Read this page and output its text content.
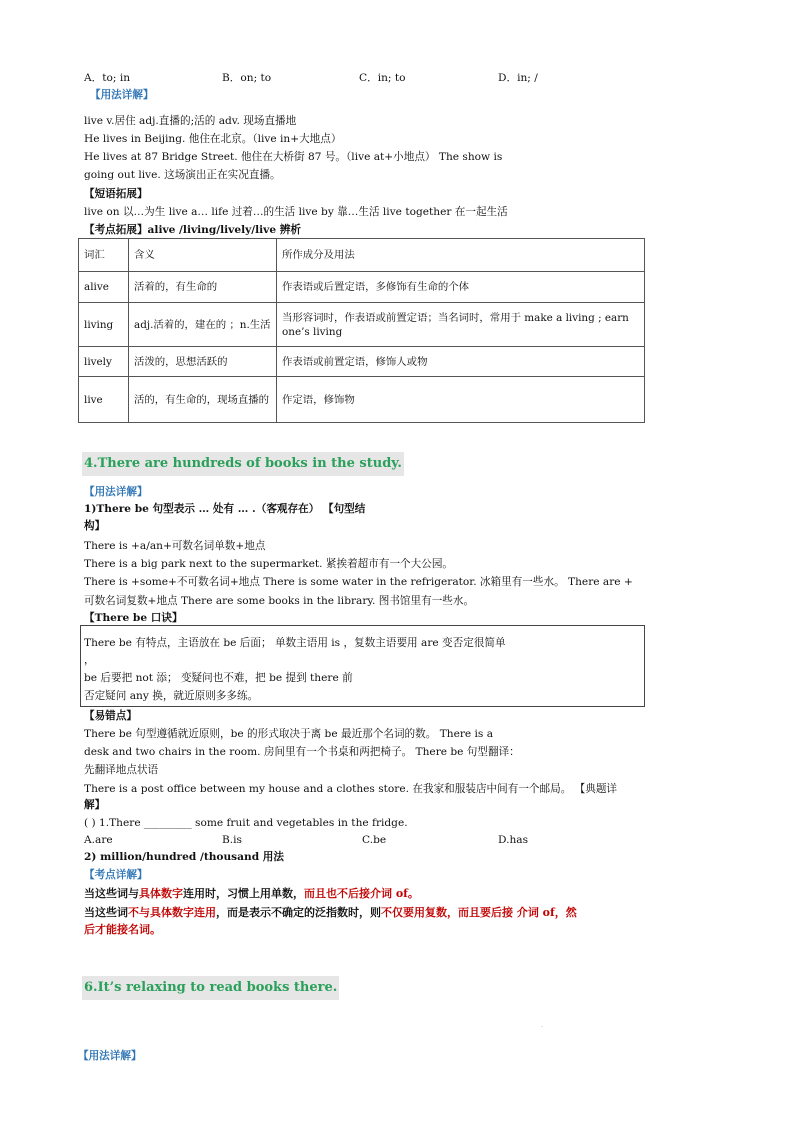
A．to; in	B．on; to	C．in; to	D．in; /
【用法详解】
live v.居住 adj.直播的;活的 adv. 现场直播地
He lives in Beijing. 他住在北京。（live in+大地点）
He lives at 87 Bridge Street. 他住在大桥街 87 号。（live at+小地点） The show is
going out live. 这场演出正在实况直播。
【短语拓展】
live on 以…为生 live a… life 过着…的生活 live by 靠…生活 live together 在一起生活
【考点拓展】alive /living/lively/live 辨析
词汇	含义	所作成分及用法
alive	活着的，有生命的	作表语或后置定语，多修饰有生命的个体
living	adj.活着的，建在的 ；n.生活	当形容词时，作表语或前置定语；当名词时，常用于 make a living ; earn one’s living
lively	活泼的，思想活跃的	作表语或前置定语，修饰人或物
live	活的，有生命的，现场直播的	作定语，修饰物
4.There are hundreds of books in the study.
【用法详解】
1)There be 句型表示 … 处有 … .（客观存在） 【句型结
构】
There is +a/an+可数名词单数+地点
There is a big park next to the supermarket. 紧挨着超市有一个大公园。
There is +some+不可数名词+地点 There is some water in the refrigerator. 冰箱里有一些水。 There are +
可数名词复数+地点 There are some books in the library. 图书馆里有一些水。
【There be 口诀】
There be 有特点，主语放在 be 后面； 单数主语用 is ，复数主语要用 are 变否定很简单
，
be 后要把 not 添； 变疑问也不难，把 be 提到 there 前
否定疑问 any 换，就近原则多多练。
【易错点】
There be 句型遵循就近原则，be 的形式取决于离 be 最近那个名词的数。 There is a
desk and two chairs in the room. 房间里有一个书桌和两把椅子。 There be 句型翻译：
先翻译地点状语
There is a post office between my house and a clothes store. 在我家和服装店中间有一个邮局。 【典题详
解】
( ) 1.There _________ some fruit and vegetables in the fridge.
A.are	B.is	C.be	D.has
2) million/hundred /thousand 用法
【考点详解】
当这些词与具体数字连用时，习惯上用单数，而且也不后接介词 of。
当这些词不与具体数字连用，而是表示不确定的泛指数时，则不仅要用复数，而且要后接 介词 of，然
后才能接名词。
6.It’s relaxing to read books there.
.
【用法详解】
